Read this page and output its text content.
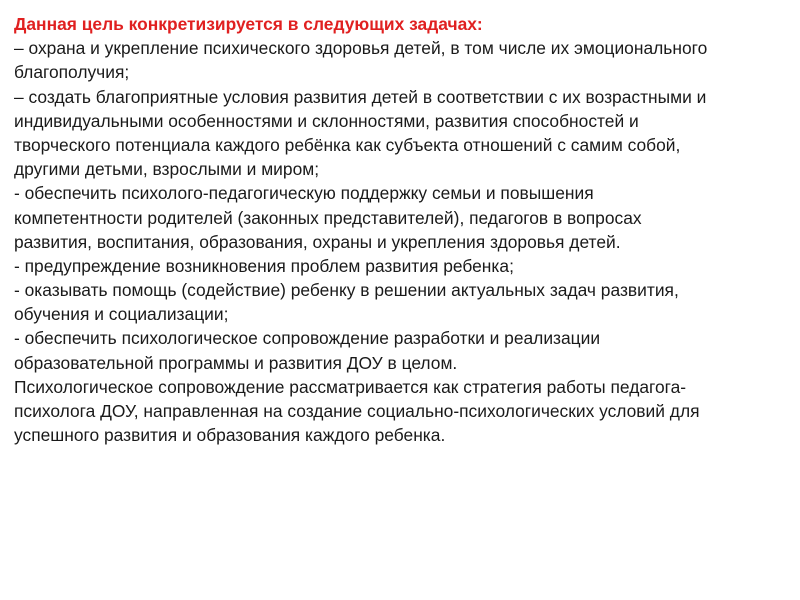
Данная цель конкретизируется в следующих задачах:
– охрана и укрепление психического здоровья детей, в том числе их эмоционального
благополучия;
– создать благоприятные условия развития детей в соответствии с их возрастными и
индивидуальными особенностями и склонностями, развития способностей и
творческого потенциала каждого ребёнка как субъекта отношений с самим собой,
другими детьми, взрослыми и миром;
- обеспечить психолого-педагогическую поддержку семьи и повышения
компетентности родителей (законных представителей), педагогов в вопросах
развития, воспитания, образования, охраны и укрепления здоровья детей.
- предупреждение возникновения проблем развития ребенка;
- оказывать помощь (содействие) ребенку в решении актуальных задач развития,
обучения и социализации;
- обеспечить психологическое сопровождение разработки и реализации
образовательной программы и развития ДОУ в целом.
Психологическое сопровождение рассматривается как стратегия работы педагога-
психолога ДОУ, направленная на создание социально-психологических условий для
успешного развития и образования каждого ребенка.
